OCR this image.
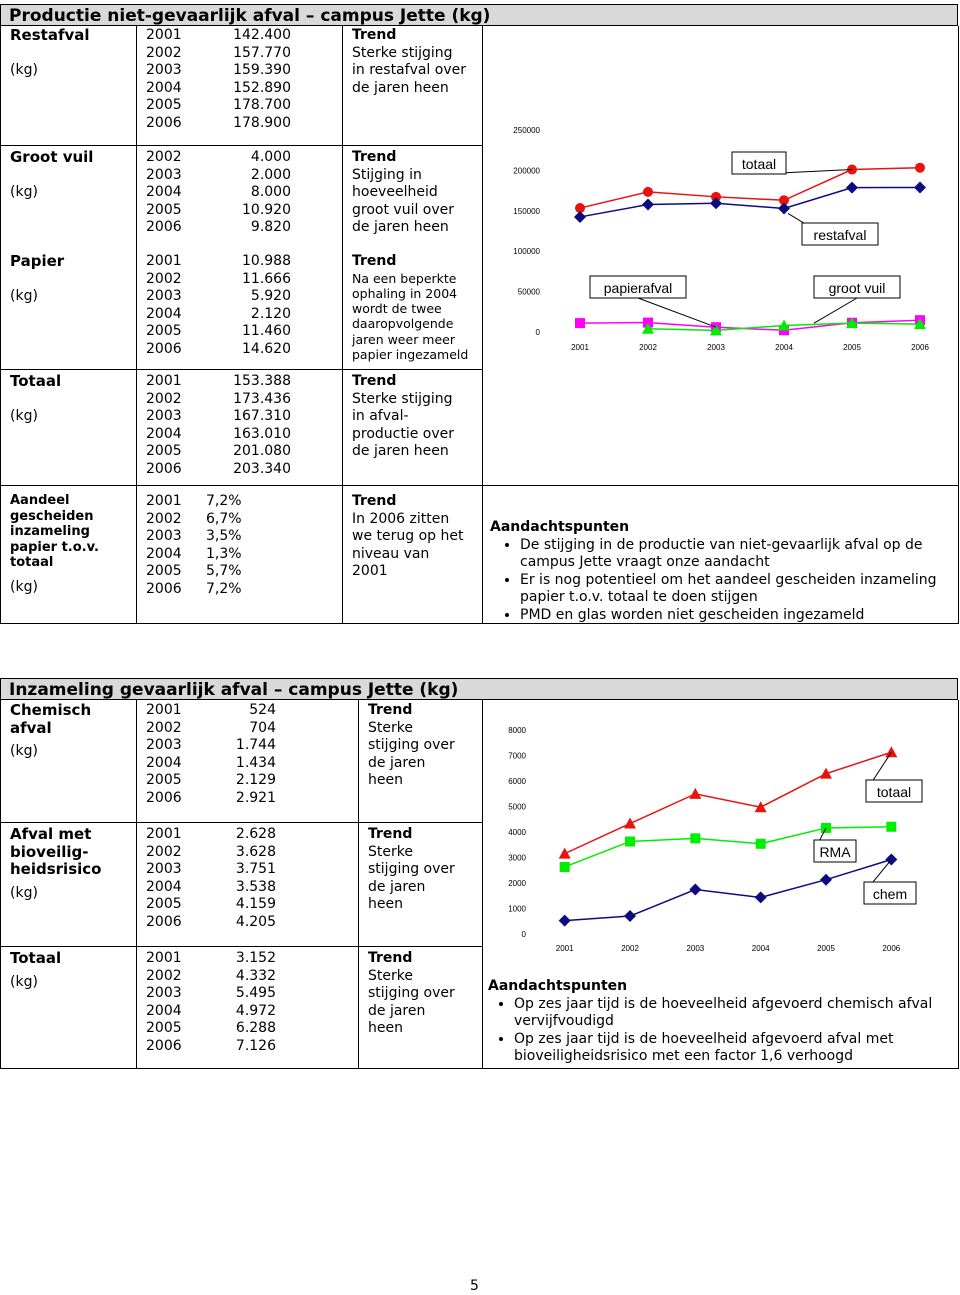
Productie niet-gevaarlijk afval – campus Jette (kg)
Restafval
(kg)
2001	142.400
2002	157.770
2003	159.390
2004	152.890
2005	178.700
2006	178.900
Trend
Sterke stijging
in restafval over
de jaren heen
Groot vuil
(kg)
2002	4.000
2003	2.000
2004	8.000
2005	10.920
2006	9.820
Trend
Stijging in
hoeveelheid
groot vuil over
de jaren heen
Papier
(kg)
2001	10.988
2002	11.666
2003	5.920
2004	2.120
2005	11.460
2006	14.620
Trend
Na een beperkte
ophaling in 2004
wordt de twee
daaropvolgende
jaren weer meer
papier ingezameld
Totaal
(kg)
2001	153.388
2002	173.436
2003	167.310
2004	163.010
2005	201.080
2006	203.340
Trend
Sterke stijging
in afval-
productie over
de jaren heen
Aandeel
gescheiden
inzameling
papier t.o.v.
totaal
(kg)
2001	7,2%
2002	6,7%
2003	3,5%
2004	1,3%
2005	5,7%
2006	7,2%
Trend
In 2006 zitten
we terug op het
niveau van
2001
Aandachtspunten
• De stijging in de productie van niet-gevaarlijk afval op de campus Jette vraagt onze aandacht
• Er is nog potentieel om het aandeel gescheiden inzameling papier t.o.v. totaal te doen stijgen
• PMD en glas worden niet gescheiden ingezameld
0
50000
100000
150000
200000
250000
2001	2002	2003	2004	2005	2006
totaal
restafval
papierafval	groot vuil
Inzameling gevaarlijk afval – campus Jette (kg)
Chemisch
afval
(kg)
2001	524
2002	704
2003	1.744
2004	1.434
2005	2.129
2006	2.921
Trend
Sterke
stijging over
de jaren
heen
Afval met
bioveilig-
heidsrisico
(kg)
2001	2.628
2002	3.628
2003	3.751
2004	3.538
2005	4.159
2006	4.205
Trend
Sterke
stijging over
de jaren
heen
Totaal
(kg)
2001	3.152
2002	4.332
2003	5.495
2004	4.972
2005	6.288
2006	7.126
Trend
Sterke
stijging over
de jaren
heen
Aandachtspunten
• Op zes jaar tijd is de hoeveelheid afgevoerd chemisch afval vervijfvoudigd
• Op zes jaar tijd is de hoeveelheid afgevoerd afval met bioveiligheidsrisico met een factor 1,6 verhoogd
0
1000
2000
3000
4000
5000
6000
7000
8000
2001	2002	2003	2004	2005	2006
totaal
RMA
chem
5
